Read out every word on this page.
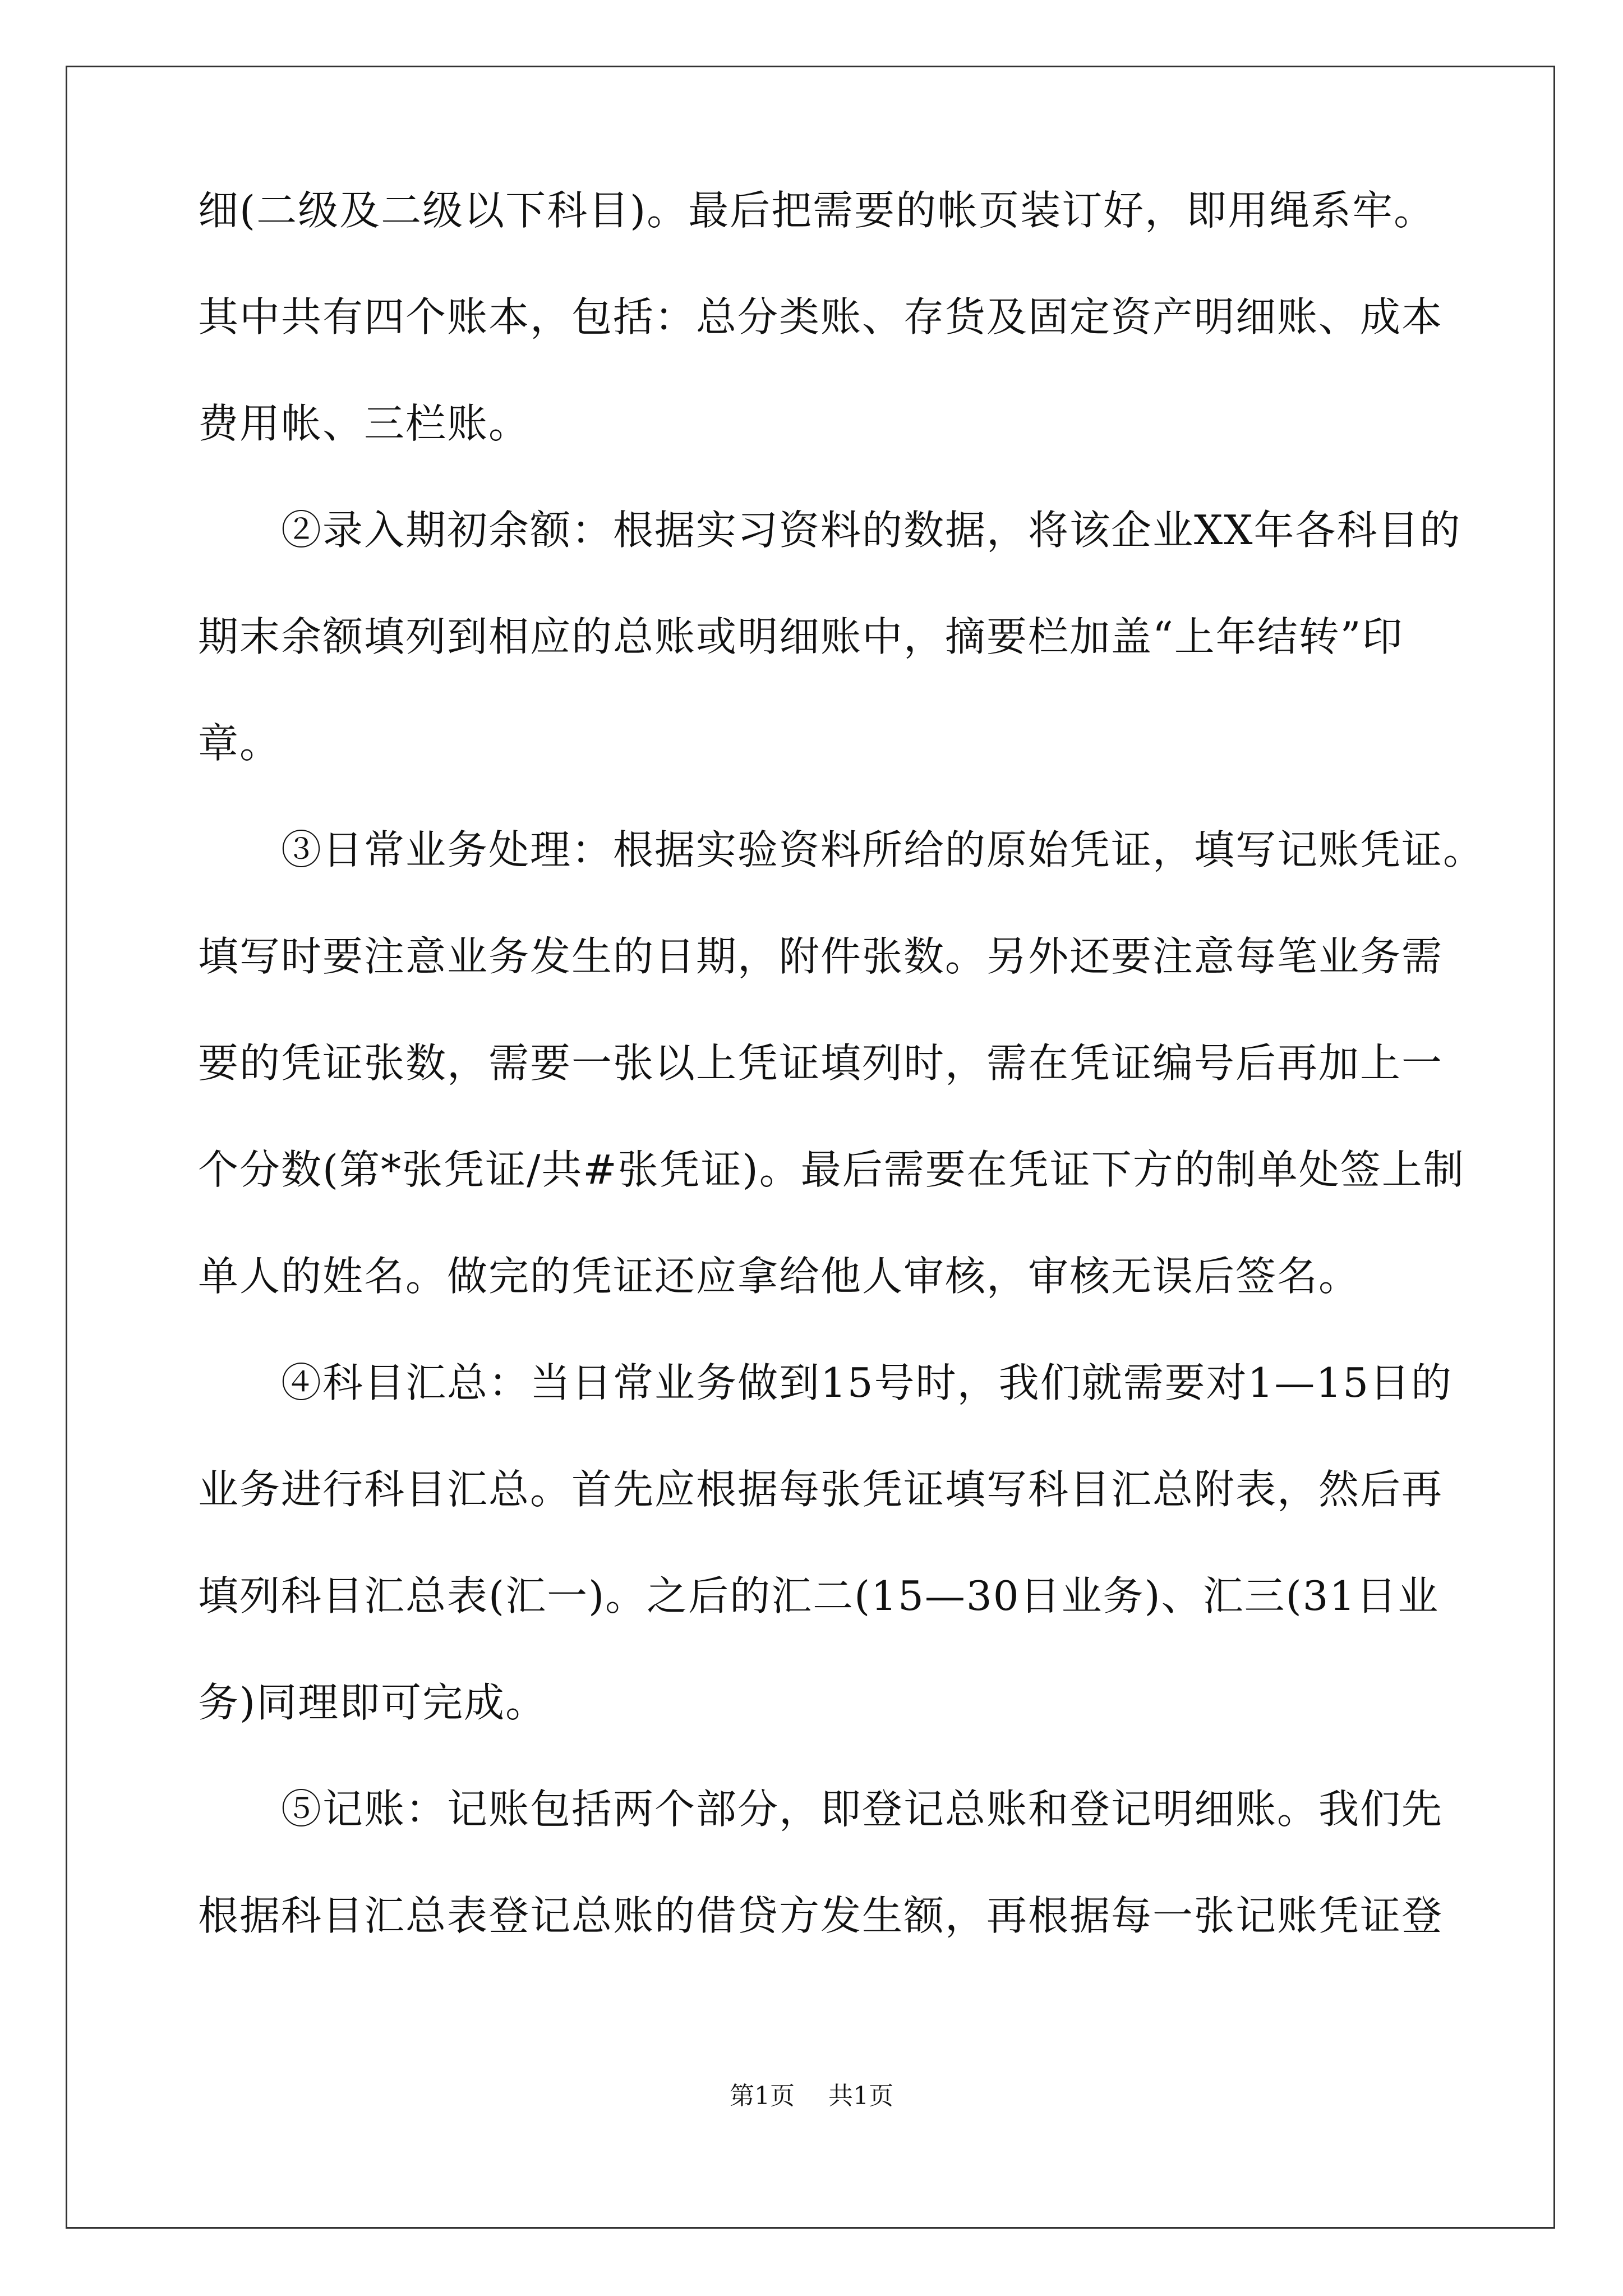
细(二级及二级以下科目)。最后把需要的帐页装订好，即用绳系牢。
其中共有四个账本，包括：总分类账、存货及固定资产明细账、成本
费用帐、三栏账。
　　②录入期初余额：根据实习资料的数据，将该企业XX年各科目的
期末余额填列到相应的总账或明细账中，摘要栏加盖“上年结转”印
章。
　　③日常业务处理：根据实验资料所给的原始凭证，填写记账凭证。
填写时要注意业务发生的日期，附件张数。另外还要注意每笔业务需
要的凭证张数，需要一张以上凭证填列时，需在凭证编号后再加上一
个分数(第*张凭证/共#张凭证)。最后需要在凭证下方的制单处签上制
单人的姓名。做完的凭证还应拿给他人审核，审核无误后签名。
　　④科目汇总：当日常业务做到15号时，我们就需要对1—15日的
业务进行科目汇总。首先应根据每张凭证填写科目汇总附表，然后再
填列科目汇总表(汇一)。之后的汇二(15—30日业务)、汇三(31日业
务)同理即可完成。
　　⑤记账：记账包括两个部分，即登记总账和登记明细账。我们先
根据科目汇总表登记总账的借贷方发生额，再根据每一张记账凭证登
第1页 共1页
